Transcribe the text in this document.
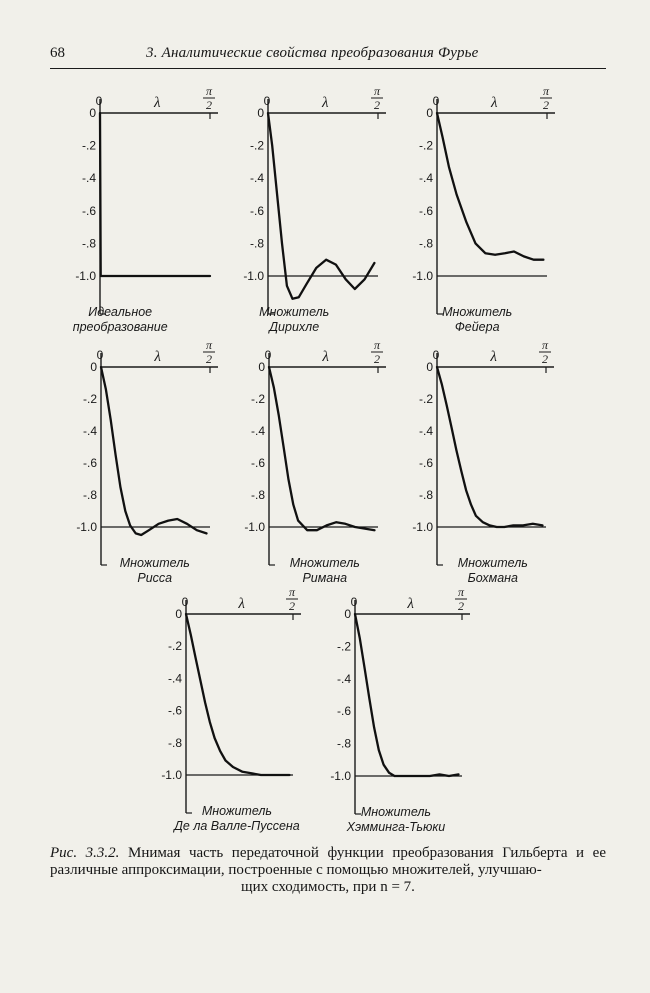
68	3. Аналитические свойства преобразования Фурье
0	λ
π
2
0
-.2
-.4
-.6
-.8
-1.0
Идеальное
преобразование
0	λ
π
2
0
-.2
-.4
-.6
-.8
-1.0
Множитель
Дирихле
0	λ
π
2
0
-.2
-.4
-.6
-.8
-1.0
Множитель
Фейера
0	λ
π
2
0
-.2
-.4
-.6
-.8
-1.0
Множитель
Рисса
0	λ
π
2
0
-.2
-.4
-.6
-.8
-1.0
Множитель
Римана
0	λ
π
2
0
-.2
-.4
-.6
-.8
-1.0
Множитель
Бохмана
0	λ
π
2
0
-.2
-.4
-.6
-.8
-1.0
Множитель
Де ла Валле-Пуссена
0	λ
π
2
0
-.2
-.4
-.6
-.8
-1.0
Множитель
Хэмминга-Тьюки
Рис. 3.3.2. Мнимая часть передаточной функции преобразования Гильберта и ее различные аппроксимации, построенные с помощью множителей, улучшаю-
щих сходимость, при n = 7.
